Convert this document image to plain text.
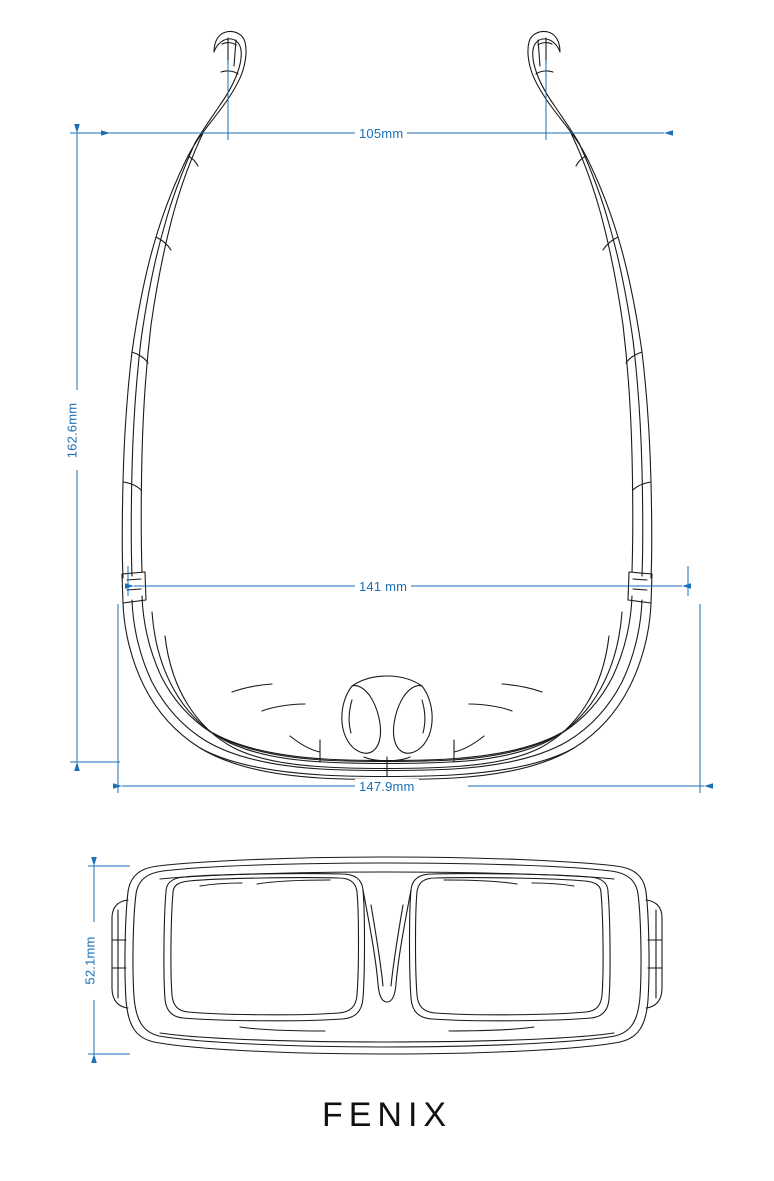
105mm
162.6mm
141 mm
147.9mm
52.1mm
FENIX
